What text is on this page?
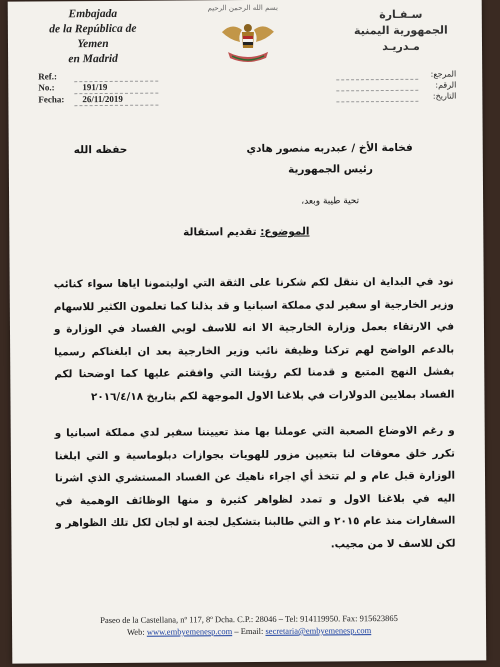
Embajada
de la República de Yemen
en Madrid
بسم الله الرحمن الرحيم	سـفـارة
الجمهورية اليمنية
مـدريـد
Ref.:
No.:	191/19
Fecha:	26/11/2019
المرجع:
الرقم:
التاريخ:
فخامة الأخ / عبدربه منصور هادي
حفظه الله
رئيس الجمهورية
تحية طيبة وبعد،
الموضوع: تقديم استقالة
نود في البداية ان ننقل لكم شكرنا على الثقة التي اوليتمونا اياها سواء كنائب وزير الخارجية او سفير لدي مملكة اسبانيا و قد بذلنا كما تعلمون الكثير للاسهام في الارتقاء بعمل وزارة الخارجية الا انه للاسف لوبي الفساد في الوزارة و بالدعم الواضح لهم تركنا وظيفة نائب وزير الخارجية بعد ان ابلغناكم رسميا بفشل النهج المتبع و قدمنا لكم رؤيتنا التي وافقتم عليها كما اوضحنا لكم الفساد بملايين الدولارات في بلاغنا الاول الموجهة لكم بتاريخ ٢٠١٦/٤/١٨
و رغم الاوضاع الصعبة التي عوملنا بها منذ تعييننا سفير لدي مملكة اسبانيا و تكرر خلق معوقات لنا بتعيين مزور للهويات بجوازات دبلوماسية و التي ابلغنا الوزارة قبل عام و لم تتخذ أي اجراء ناهيك عن الفساد المستشري الذي اشرنا اليه في بلاغنا الاول و تمدد لظواهر كثيرة و منها الوظائف الوهمية في السفارات منذ عام ٢٠١٥ و التي طالبنا بتشكيل لجنة او لجان لكل تلك الظواهر و لكن للاسف لا من مجيب.
Paseo de la Castellana, nº 117, 8º Dcha. C.P.: 28046 – Tel: 914119950. Fax: 915623865
Web: www.embyemenesp.com – Email: secretaria@embyemenesp.com
